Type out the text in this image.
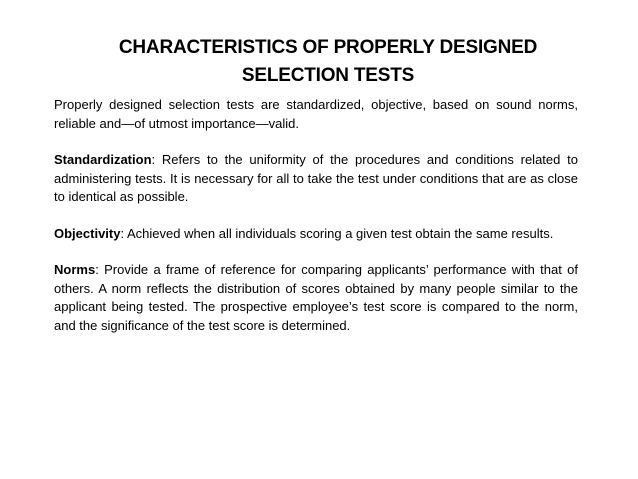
CHARACTERISTICS OF PROPERLY DESIGNED
SELECTION TESTS

Properly designed selection tests are standardized, objective, based on sound norms, reliable and—of utmost importance—valid.

Standardization: Refers to the uniformity of the procedures and conditions related to administering tests. It is necessary for all to take the test under conditions that are as close to identical as possible.

Objectivity: Achieved when all individuals scoring a given test obtain the same results.

Norms: Provide a frame of reference for comparing applicants’ performance with that of others. A norm reflects the distribution of scores obtained by many people similar to the applicant being tested. The prospective employee’s test score is compared to the norm, and the significance of the test score is determined.
